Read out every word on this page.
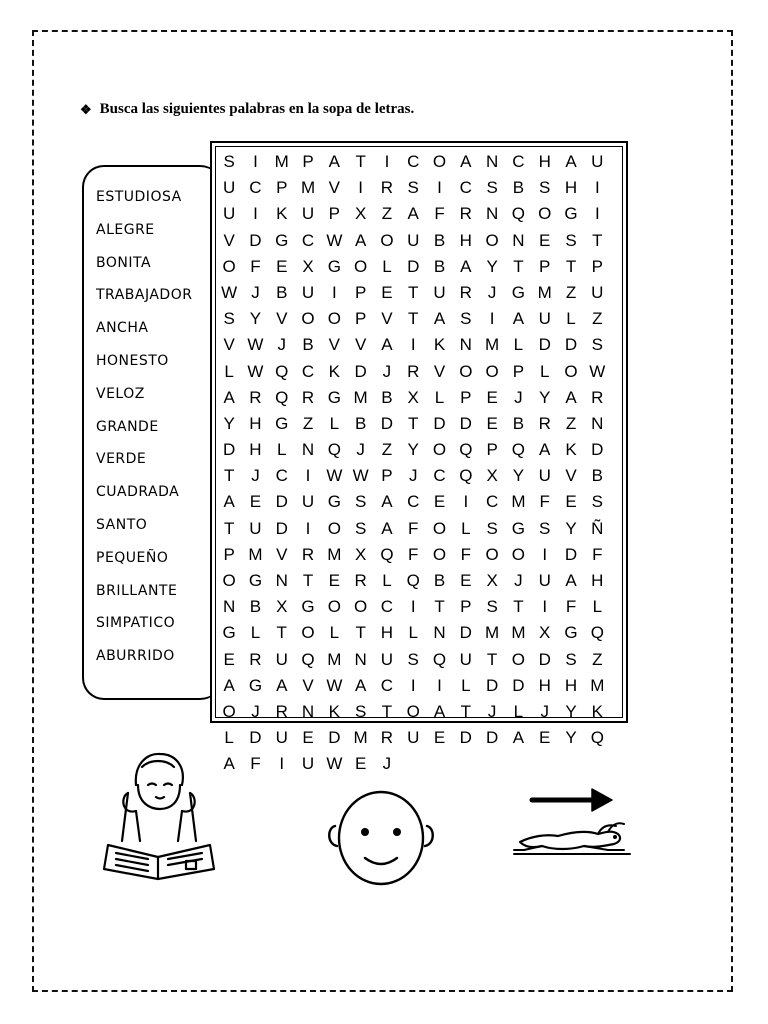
❖ Busca las siguientes palabras en la sopa de letras.
ESTUDIOSA
ALEGRE
BONITA
TRABAJADOR
ANCHA
HONESTO
VELOZ
GRANDE
VERDE
CUADRADA
SANTO
PEQUEÑO
BRILLANTE
SIMPATICO
ABURRIDO
S	I M P A T	I	C O A N C H A U
U C P M V	I	R S	I	C S B S H	I
U	I	K U P X Z A F R N Q O G	I
V D G C W A O U B H O N E S T
O F E X G O L D B A Y T P T P
W J B U	I	P E T U R J G M Z U
S Y V O O P V T A S	I	A U L Z
V W J B V V A	I	K N M L D D S
L W Q C K D J R V O O P L O W
A R Q R G M B X L P E J Y A R
Y H G Z L B D T D D E B R Z N
D H L N Q J Z Y O Q P Q A K D
T J C	I W W P J C Q X Y U V B
A E D U G S A C E	I	C M F E S
T U D	I	O S A F O L S G S Y Ñ
P M V R M X Q F O F O O	I	D F
O G N T E R L Q B E X J U A H
N B X G O O C	I	T P S T	I	F L
G L T O L T H L N D M M X G Q
E R U Q M N U S Q U T O D S Z
A G A V W A C	I	I	L D D H H M
O J R N K S T O A T J	L	J Y K
L D U E D M R U E D D A E Y Q
A F	I	U W E J
